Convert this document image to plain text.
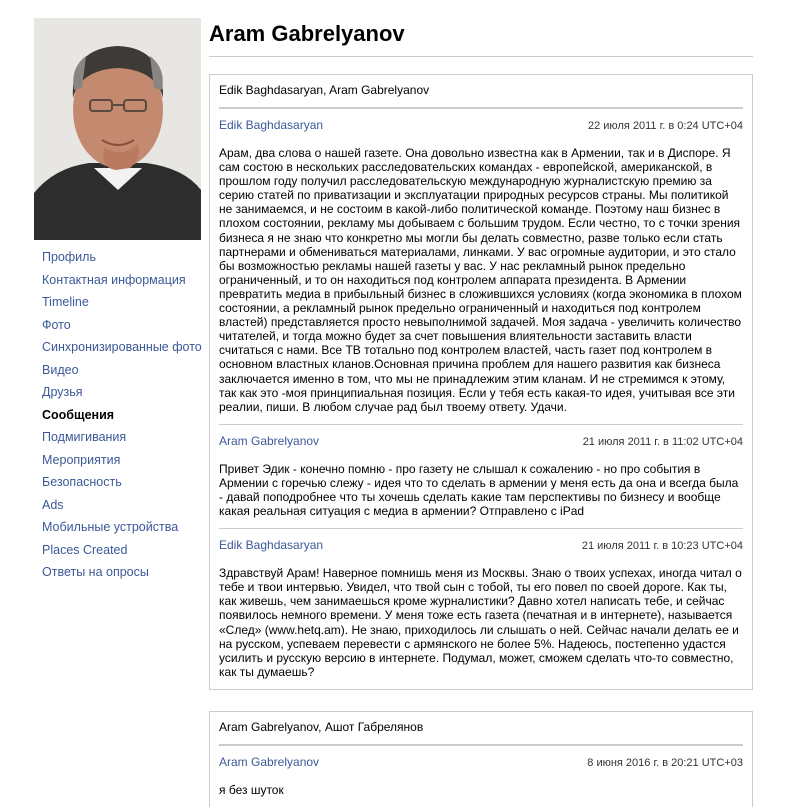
Профиль
Контактная информация
Timeline
Фото
Синхронизированные фото
Видео
Друзья
Сообщения
Подмигивания
Мероприятия
Безопасность
Ads
Мобильные устройства
Places Created
Ответы на опросы
Aram Gabrelyanov
Edik Baghdasaryan, Aram Gabrelyanov
Edik Baghdasaryan	22 июля 2011 г. в 0:24 UTC+04

Арам, два слова о нашей газете. Она довольно известна как в Армении, так и в Диспоре. Я сам состою в нескольких расследовательских командах - европейской, американской, в прошлом году получил расследовательскую международную журналистскую премию за серию статей по приватизации и эксплуатации природных ресурсов страны. Мы политикой не занимаемся, и не состоим в какой-либо политической команде. Поэтому наш бизнес в плохом состоянии, рекламу мы добываем с большим трудом. Если честно, то с точки зрения бизнеса я не знаю что конкретно мы могли бы делать совместно, разве только если стать партнерами и обмениваться материалами, линками. У вас огромные аудитории, и это стало бы возможностью рекламы нашей газеты у вас. У нас рекламный рынок предельно ограниченный, и то он находиться под контролем аппарата президента. В Армении превратить медиа в прибыльный бизнес в сложившихся условиях (когда экономика в плохом состоянии, а рекламный рынок предельно ограниченный и находиться под контролем властей) представляется просто невыполнимой задачей. Моя задача - увеличить количество читателей, и тогда можно будет за счет повышения влиятельности заставить власти считаться с нами. Все ТВ тотально под контролем властей, часть газет под контролем в основном властных кланов.Основная причина проблем для нашего развития как бизнеса заключается именно в том, что мы не принадлежим этим кланам. И не стремимся к этому, так как это -моя принципиальная позиция. Если у тебя есть какая-то идея, учитывая все эти реалии, пиши. В любом случае рад был твоему ответу. Удачи.

Aram Gabrelyanov	21 июля 2011 г. в 11:02 UTC+04

Привет Эдик - конечно помню - про газету не слышал к сожалению - но про события в Армении с горечью слежу - идея что то сделать в армении у меня есть да она и всегда была - давай поподробнее что ты хочешь сделать какие там перспективы по бизнесу и вообще какая реальная ситуация с медиа в армении? Отправлено с iPad

Edik Baghdasaryan	21 июля 2011 г. в 10:23 UTC+04

Здравствуй Арам! Наверное помнишь меня из Москвы. Знаю о твоих успехах, иногда читал о тебе и твои интервью. Увидел, что твой сын с тобой, ты его повел по своей дороге. Как ты, как живешь, чем занимаешься кроме журналистики? Давно хотел написать тебе, и сейчас появилось немного времени. У меня тоже есть газета (печатная и в интернете), называется «След» (www.hetq.am). Не знаю, приходилось ли слышать о ней. Сейчас начали делать ее и на русском, успеваем перевести с армянского не более 5%. Надеюсь, постепенно удастся усилить и русскую версию в интернете. Подумал, может, сможем сделать что-то совместно, как ты думаешь?

Aram Gabrelyanov, Ашот Габрелянов
Aram Gabrelyanov	8 июня 2016 г. в 20:21 UTC+03

я без шуток
